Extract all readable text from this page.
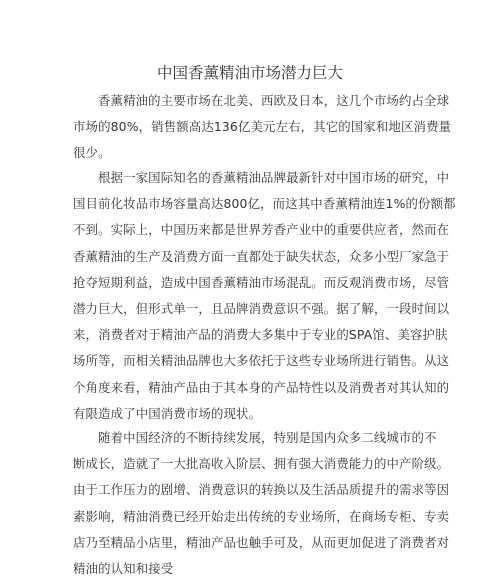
中国香薰精油市场潜力巨大
香薰精油的主要市场在北美、西欧及日本，这几个市场约占全球
市场的80%，销售额高达136亿美元左右，其它的国家和地区消费量
很少。
根据一家国际知名的香薰精油品牌最新针对中国市场的研究，中
国目前化妆品市场容量高达800亿，而这其中香薰精油连1%的份额都
不到。实际上，中国历来都是世界芳香产业中的重要供应者，然而在
香薰精油的生产及消费方面一直都处于缺失状态，众多小型厂家急于
抢夺短期利益，造成中国香薰精油市场混乱。而反观消费市场，尽管
潜力巨大，但形式单一，且品牌消费意识不强。据了解，一段时间以
来，消费者对于精油产品的消费大多集中于专业的SPA馆、美容护肤
场所等，而相关精油品牌也大多依托于这些专业场所进行销售。从这
个角度来看，精油产品由于其本身的产品特性以及消费者对其认知的
有限造成了中国消费市场的现状。
随着中国经济的不断持续发展，特别是国内众多二线城市的不
断成长，造就了一大批高收入阶层、拥有强大消费能力的中产阶级。
由于工作压力的剧增、消费意识的转换以及生活品质提升的需求等因
素影响，精油消费已经开始走出传统的专业场所，在商场专柜、专卖
店乃至精品小店里，精油产品也触手可及，从而更加促进了消费者对
精油的认知和接受
